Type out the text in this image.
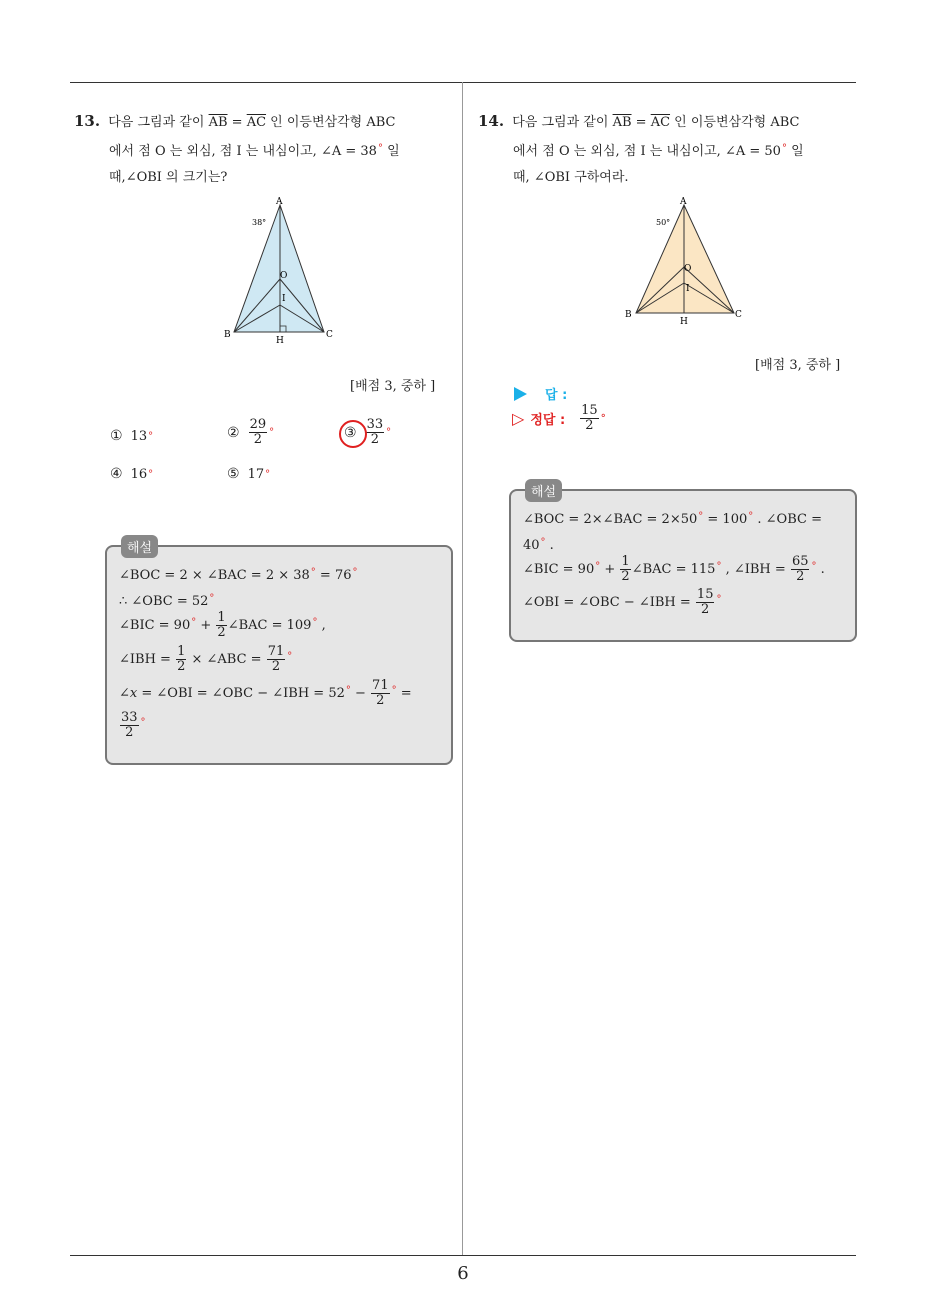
6
13. 다음 그림과 같이 $\overline{AB} = \overline{AC}$ 인 이등변삼각형 ABC
에서 점 O 는 외심, 점 I 는 내심이고, ∠A = 38° 일
때,∠OBI 의 크기는?
A
B	C
O
I
H
38°
[배점 3, 중하 ]
① 13 °	② $\frac{29}{2}$ °	③ $\frac{33}{2}$ °
④ 16 °	⑤ 17 °
해설
∠BOC = 2 × ∠BAC = 2 × 38° = 76°
∴ ∠OBC = 52°
∠BIC = $90^\circ + \frac{1}{2}$ ∠BAC = 109° ,
∠IBH = $\frac{1}{2}$ × ∠ABC = $\frac{71}{2} ^\circ$
∠x = ∠OBI = ∠OBC − ∠IBH = $52^\circ - \frac{71}{2} ^\circ$ =
$\frac{33}{2} ^\circ$
14. 다음 그림과 같이 $\overline{AB} = \overline{AC}$ 인 이등변삼각형 ABC
에서 점 O 는 외심, 점 I 는 내심이고, ∠A = 50° 일
때, ∠OBI 구하여라.
A
B	C
O
I
H
50°
[배점 3, 중하 ]
답 :
▷ 정답 : $\frac{15}{2}$ °
해설
∠BOC = 2×∠BAC = 2×50° = 100° . ∠OBC =
40° .
∠BIC = $90^\circ + \frac{1}{2}$ ∠BAC = 115° , ∠IBH = $\frac{65}{2} ^\circ$ .
∠OBI = ∠OBC − ∠IBH = $\frac{15}{2} ^\circ$
